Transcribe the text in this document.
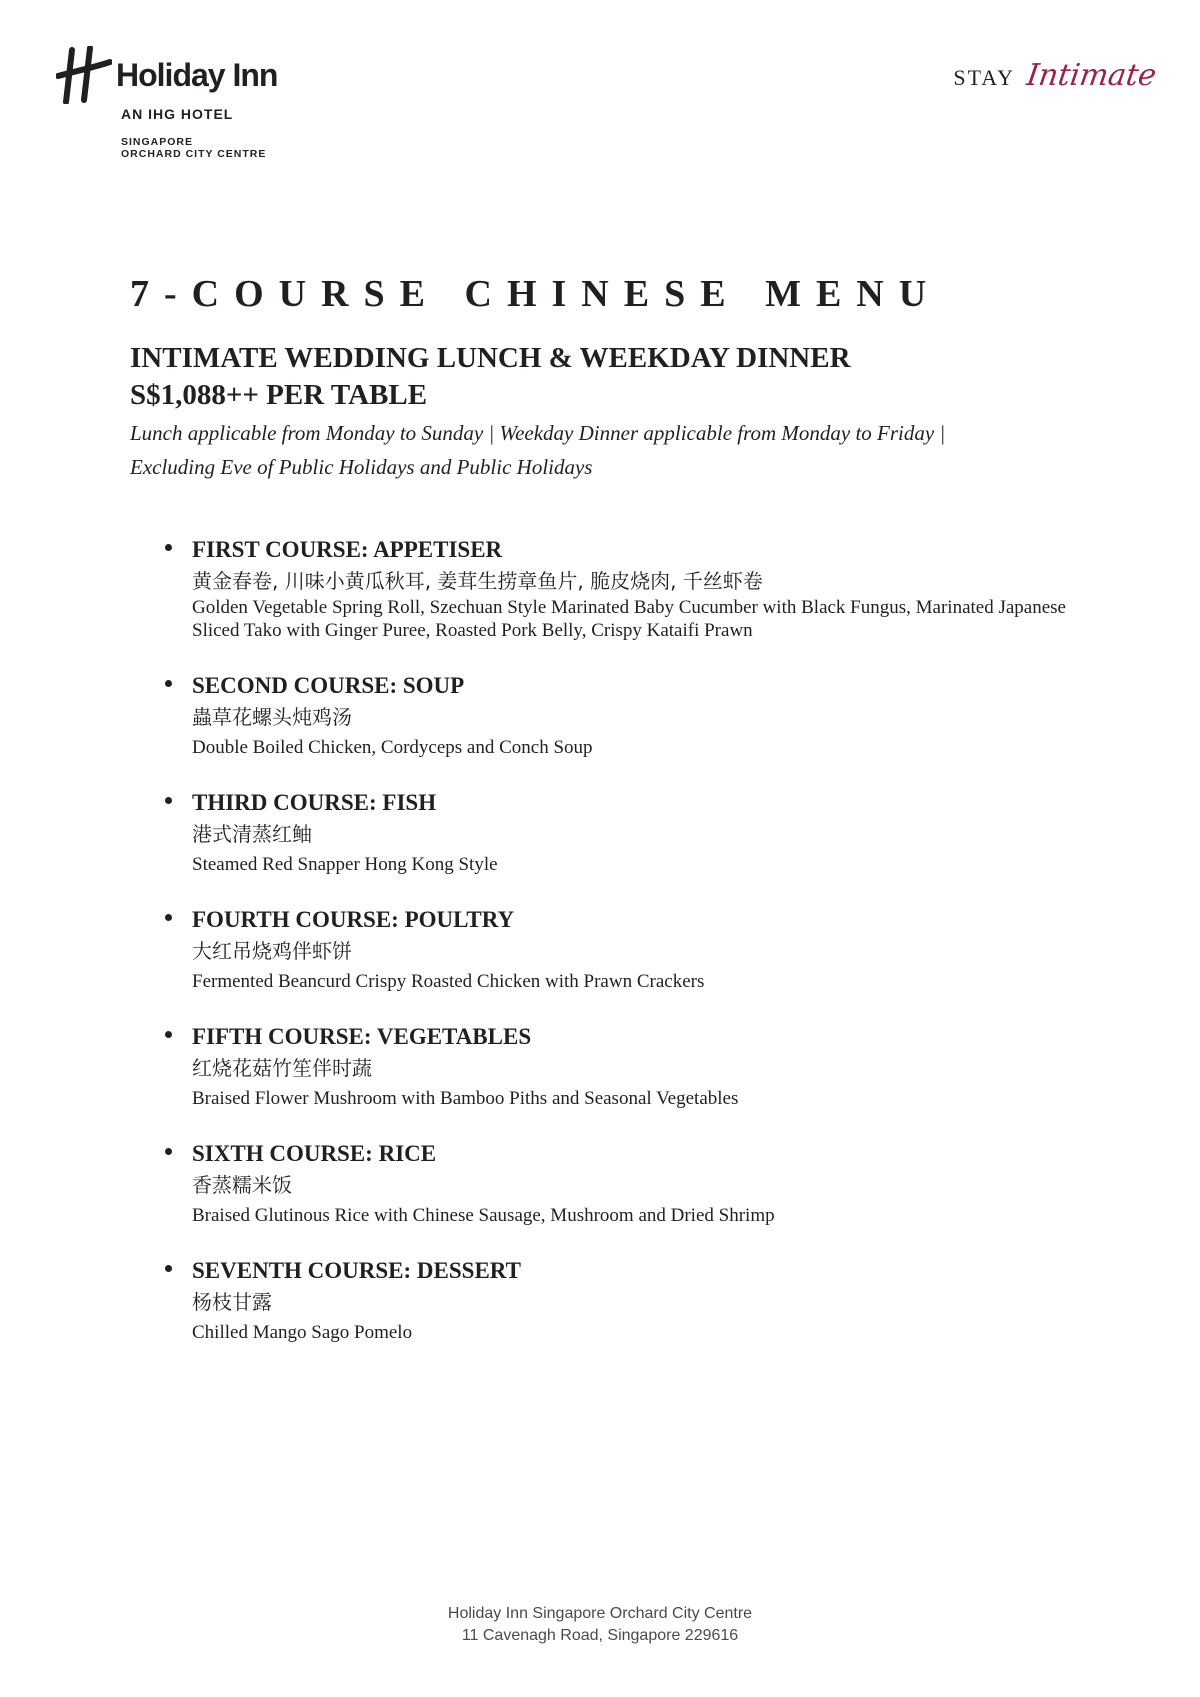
Holiday Inn
AN IHG HOTEL
SINGAPORE
ORCHARD CITY CENTRE
STAY Intimate
7-COURSE CHINESE MENU
INTIMATE WEDDING LUNCH & WEEKDAY DINNER
S$1,088++ PER TABLE
Lunch applicable from Monday to Sunday | Weekday Dinner applicable from Monday to Friday |
Excluding Eve of Public Holidays and Public Holidays
FIRST COURSE: APPETISER
黄金春卷, 川味小黄瓜秋耳, 姜茸生捞章鱼片, 脆皮烧肉, 千丝虾卷
Golden Vegetable Spring Roll, Szechuan Style Marinated Baby Cucumber with Black Fungus, Marinated Japanese Sliced Tako with Ginger Puree, Roasted Pork Belly, Crispy Kataifi Prawn
SECOND COURSE: SOUP
蟲草花螺头炖鸡汤
Double Boiled Chicken, Cordyceps and Conch Soup
THIRD COURSE: FISH
港式清蒸红鲉
Steamed Red Snapper Hong Kong Style
FOURTH COURSE: POULTRY
大红吊烧鸡伴虾饼
Fermented Beancurd Crispy Roasted Chicken with Prawn Crackers
FIFTH COURSE: VEGETABLES
红烧花菇竹笙伴时蔬
Braised Flower Mushroom with Bamboo Piths and Seasonal Vegetables
SIXTH COURSE: RICE
香蒸糯米饭
Braised Glutinous Rice with Chinese Sausage, Mushroom and Dried Shrimp
SEVENTH COURSE: DESSERT
杨枝甘露
Chilled Mango Sago Pomelo
Holiday Inn Singapore Orchard City Centre
11 Cavenagh Road, Singapore 229616
